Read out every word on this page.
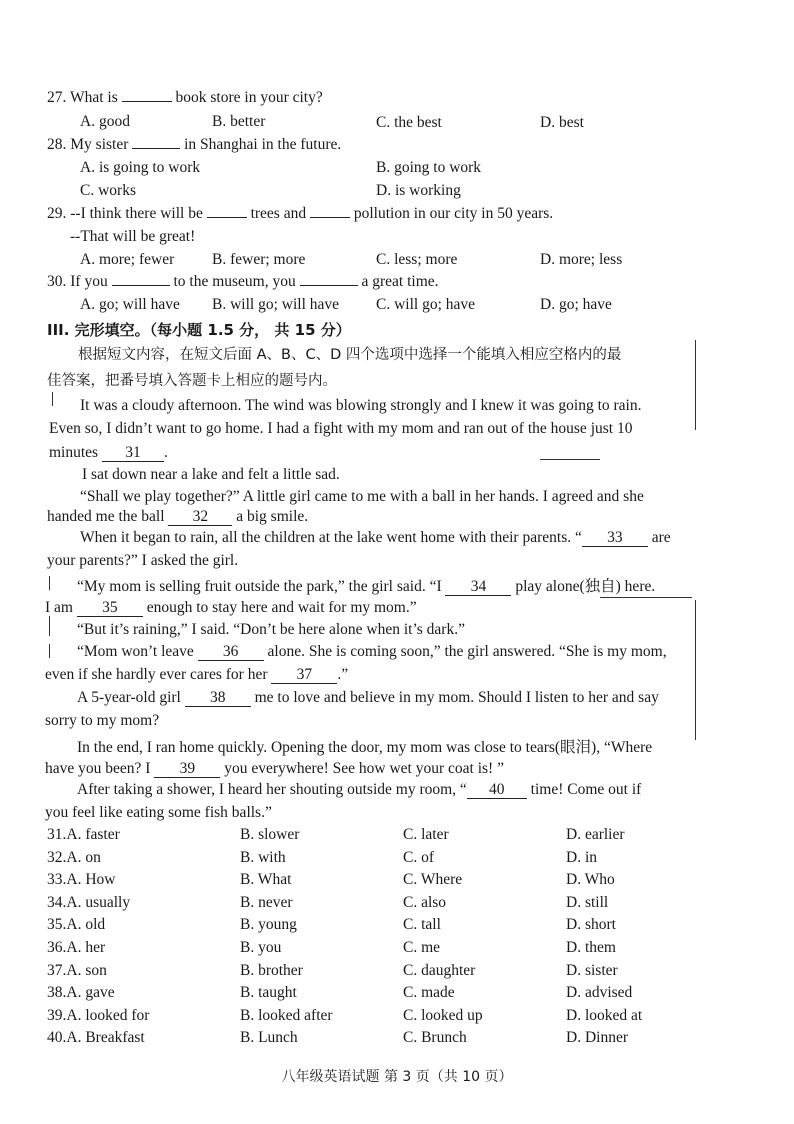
27. What is	book store in your city?
A. good	B. better	C. the best	D. best
28. My sister	in Shanghai in the future.
A. is going to work	B. going to work
C. works	D. is working
29. --I think there will be	trees and	pollution in our city in 50 years.
--That will be great!
A. more; fewer B. fewer; more	C. less; more	D. more; less
30. If you	to the museum, you	a great time.
A. go; will have B. will go; will have C. will go; have	D. go; have
III. 完形填空。（每小题 1.5 分， 共 15 分）
根据短文内容，在短文后面 A、B、C、D 四个选项中选择一个能填入相应空格内的最
佳答案，把番号填入答题卡上相应的题号内。
It was a cloudy afternoon. The wind was blowing strongly and I knew it was going to rain.
Even so, I didn’t want to go home. I had a fight with my mom and ran out of the house just 10
minutes 31 .
I sat down near a lake and felt a little sad.
“Shall we play together?” A little girl came to me with a ball in her hands. I agreed and she
handed me the ball 32 a big smile.
When it began to rain, all the children at the lake went home with their parents. “ 33 are
your parents?” I asked the girl.
“My mom is selling fruit outside the park,” the girl said. “I 34 play alone(独自) here.
I am 35 enough to stay here and wait for my mom.”
“But it’s raining,” I said. “Don’t be here alone when it’s dark.”
“Mom won’t leave 36 alone. She is coming soon,” the girl answered. “She is my mom,
even if she hardly ever cares for her 37 .”
A 5-year-old girl 38 me to love and believe in my mom. Should I listen to her and say
sorry to my mom?
In the end, I ran home quickly. Opening the door, my mom was close to tears(眼泪), “Where
have you been? I 39 you everywhere! See how wet your coat is! ”
After taking a shower, I heard her shouting outside my room, “ 40 time! Come out if
you feel like eating some fish balls.”
31.A. faster	B. slower	C. later	D. earlier
32.A. on	B. with	C. of	D. in
33.A. How	B. What	C. Where	D. Who
34.A. usually	B. never	C. also	D. still
35.A. old	B. young	C. tall	D. short
36.A. her	B. you	C. me	D. them
37.A. son	B. brother	C. daughter	D. sister
38.A. gave	B. taught	C. made	D. advised
39.A. looked for	B. looked after	C. looked up	D. looked at
40.A. Breakfast	B. Lunch	C. Brunch	D. Dinner
八年级英语试题 第 3 页（共 10 页）
